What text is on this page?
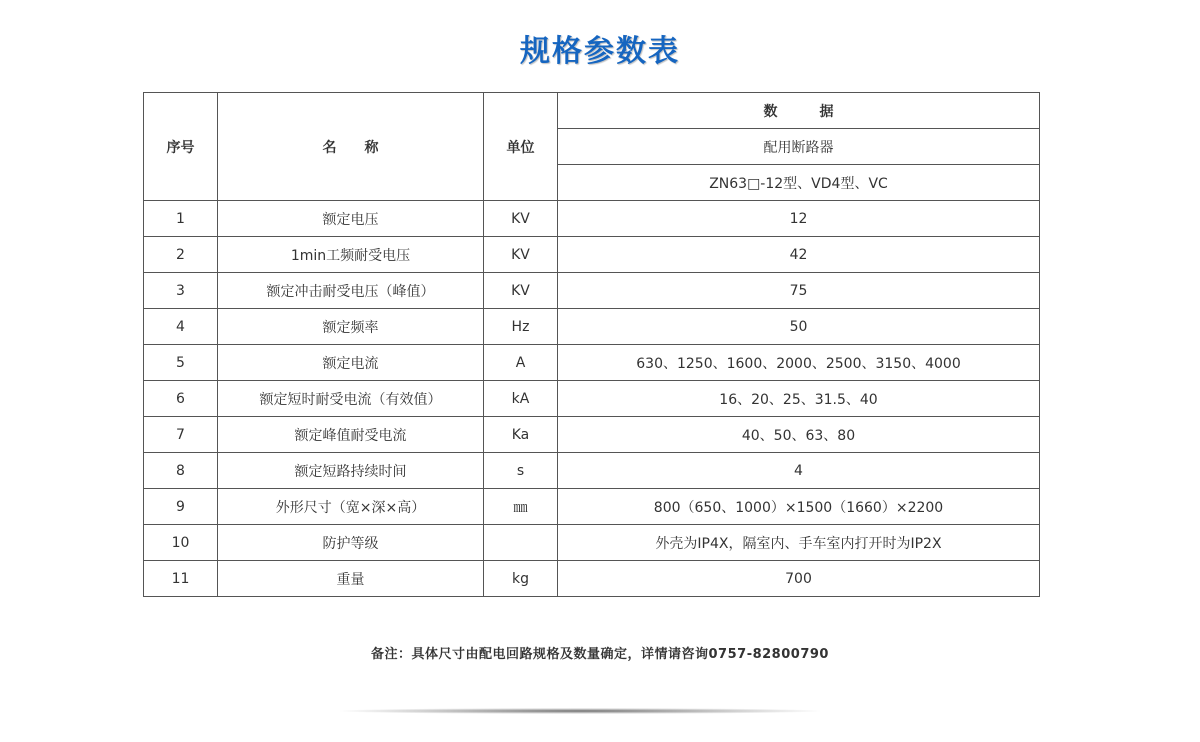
规格参数表
序号	名　　称	单位	数　　　据
			配用断路器
			ZN63□-12型、VD4型、VC
1	额定电压	KV	12
2	1min工频耐受电压	KV	42
3	额定冲击耐受电压（峰值）	KV	75
4	额定频率	Hz	50
5	额定电流	A	630、1250、1600、2000、2500、3150、4000
6	额定短时耐受电流（有效值）	kA	16、20、25、31.5、40
7	额定峰值耐受电流	Ka	40、50、63、80
8	额定短路持续时间	s	4
9	外形尺寸（宽×深×高）	㎜	800（650、1000）×1500（1660）×2200
10	防护等级		外壳为IP4X，隔室内、手车室内打开时为IP2X
11	重量	kg	700
备注：具体尺寸由配电回路规格及数量确定，详情请咨询0757-82800790
